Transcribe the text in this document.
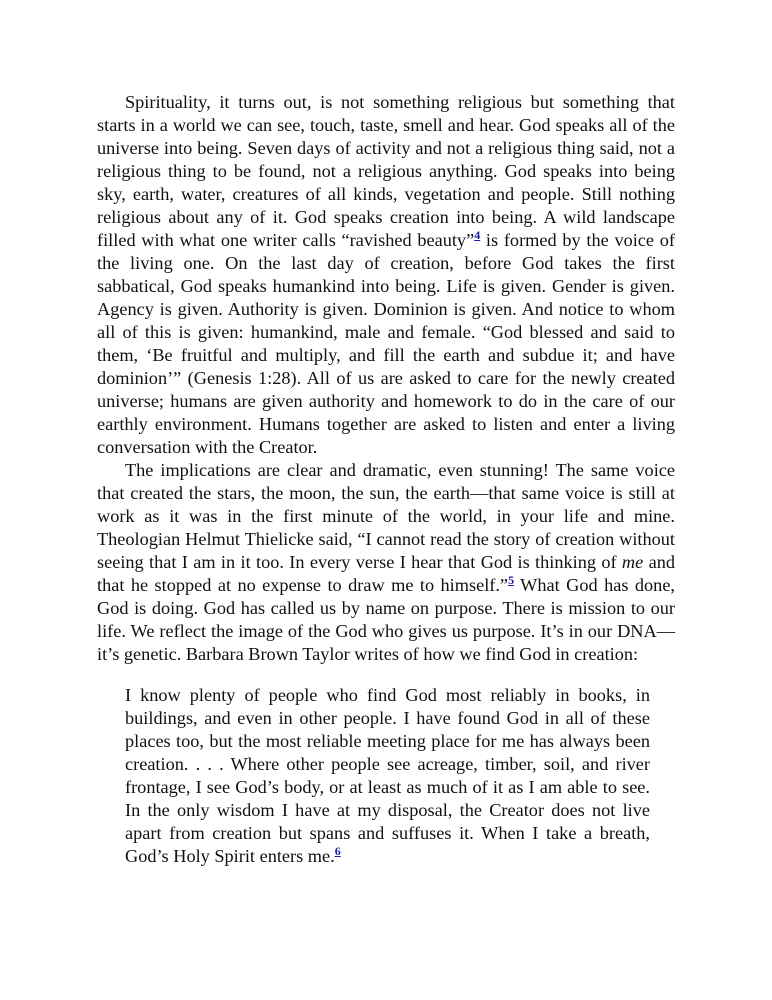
Spirituality, it turns out, is not something religious but something that starts in a world we can see, touch, taste, smell and hear. God speaks all of the universe into being. Seven days of activity and not a religious thing said, not a religious thing to be found, not a religious anything. God speaks into being sky, earth, water, creatures of all kinds, vegetation and people. Still nothing religious about any of it. God speaks creation into being. A wild landscape filled with what one writer calls “ravished beauty”$^4$ is formed by the voice of the living one. On the last day of creation, before God takes the first sabbatical, God speaks humankind into being. Life is given. Gender is given. Agency is given. Authority is given. Dominion is given. And notice to whom all of this is given: humankind, male and female. “God blessed and said to them, ‘Be fruitful and multiply, and fill the earth and subdue it; and have dominion’” (Genesis 1:28). All of us are asked to care for the newly created universe; humans are given authority and homework to do in the care of our earthly environment. Humans together are asked to listen and enter a living conversation with the Creator.

The implications are clear and dramatic, even stunning! The same voice that created the stars, the moon, the sun, the earth—that same voice is still at work as it was in the first minute of the world, in your life and mine. Theologian Helmut Thielicke said, “I cannot read the story of creation without seeing that I am in it too. In every verse I hear that God is thinking of me and that he stopped at no expense to draw me to himself.”$^5$ What God has done, God is doing. God has called us by name on purpose. There is mission to our life. We reflect the image of the God who gives us purpose. It’s in our DNA—it’s genetic. Barbara Brown Taylor writes of how we find God in creation:

I know plenty of people who find God most reliably in books, in buildings, and even in other people. I have found God in all of these places too, but the most reliable meeting place for me has always been creation. . . . Where other people see acreage, timber, soil, and river frontage, I see God’s body, or at least as much of it as I am able to see. In the only wisdom I have at my disposal, the Creator does not live apart from creation but spans and suffuses it. When I take a breath, God’s Holy Spirit enters me.$^6$
